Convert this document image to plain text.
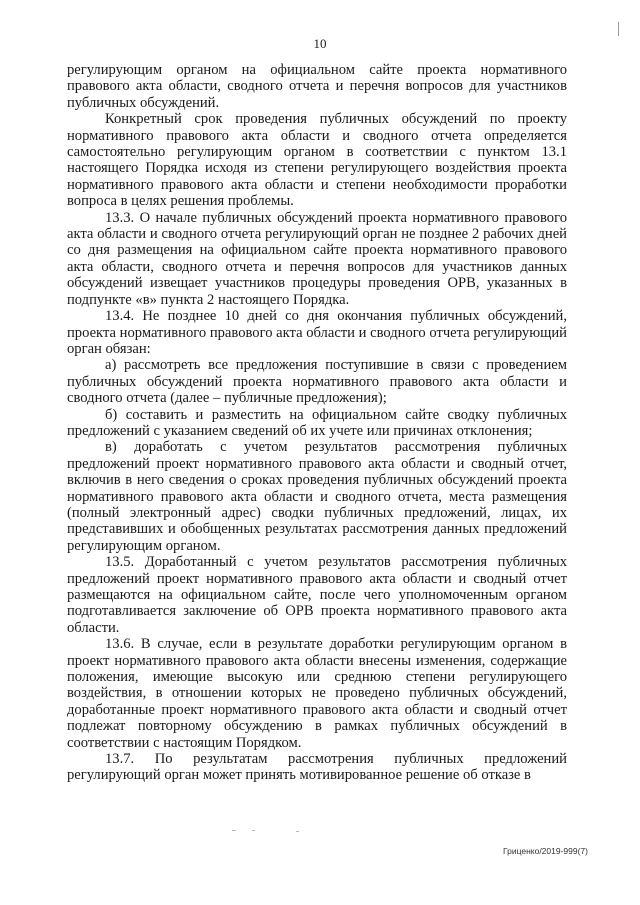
10

регулирующим органом на официальном сайте проекта нормативного правового акта области, сводного отчета и перечня вопросов для участников публичных обсуждений.

Конкретный срок проведения публичных обсуждений по проекту нормативного правового акта области и сводного отчета определяется самостоятельно регулирующим органом в соответствии с пунктом 13.1 настоящего Порядка исходя из степени регулирующего воздействия проекта нормативного правового акта области и степени необходимости проработки вопроса в целях решения проблемы.

13.3. О начале публичных обсуждений проекта нормативного правового акта области и сводного отчета регулирующий орган не позднее 2 рабочих дней со дня размещения на официальном сайте проекта нормативного правового акта области, сводного отчета и перечня вопросов для участников данных обсуждений извещает участников процедуры проведения ОРВ, указанных в подпункте «в» пункта 2 настоящего Порядка.

13.4. Не позднее 10 дней со дня окончания публичных обсуждений, проекта нормативного правового акта области и сводного отчета регулирующий орган обязан:

а) рассмотреть все предложения поступившие в связи с проведением публичных обсуждений проекта нормативного правового акта области и сводного отчета (далее – публичные предложения);

б) составить и разместить на официальном сайте сводку публичных предложений с указанием сведений об их учете или причинах отклонения;

в) доработать с учетом результатов рассмотрения публичных предложений проект нормативного правового акта области и сводный отчет, включив в него сведения о сроках проведения публичных обсуждений проекта нормативного правового акта области и сводного отчета, места размещения (полный электронный адрес) сводки публичных предложений, лицах, их представивших и обобщенных результатах рассмотрения данных предложений регулирующим органом.

13.5. Доработанный с учетом результатов рассмотрения публичных предложений проект нормативного правового акта области и сводный отчет размещаются на официальном сайте, после чего уполномоченным органом подготавливается заключение об ОРВ проекта нормативного правового акта области.

13.6. В случае, если в результате доработки регулирующим органом в проект нормативного правового акта области внесены изменения, содержащие положения, имеющие высокую или среднюю степени регулирующего воздействия, в отношении которых не проведено публичных обсуждений, доработанные проект нормативного правового акта области и сводный отчет подлежат повторному обсуждению в рамках публичных обсуждений в соответствии с настоящим Порядком.

13.7. По результатам рассмотрения публичных предложений регулирующий орган может принять мотивированное решение об отказе в

Гриценко/2019-999(7)
